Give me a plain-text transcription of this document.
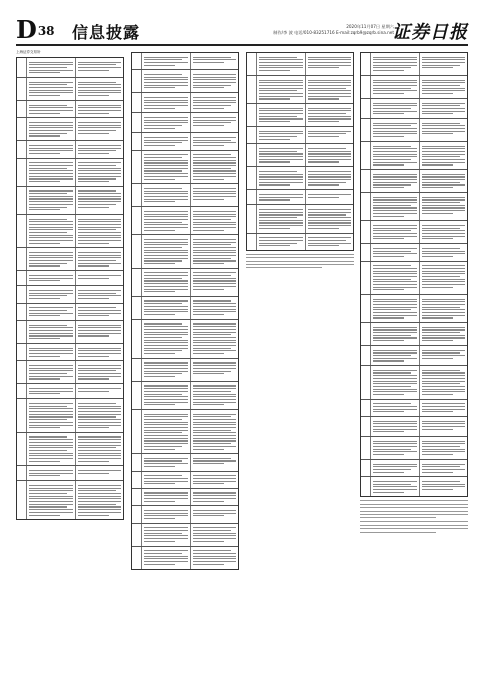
D38 信息披露	2020年11月07日 星期六
制作/李 波 电话/010-83251716 E-mail:zqrb9@zqrb.sina.net
证券日报
上海证券交易所
